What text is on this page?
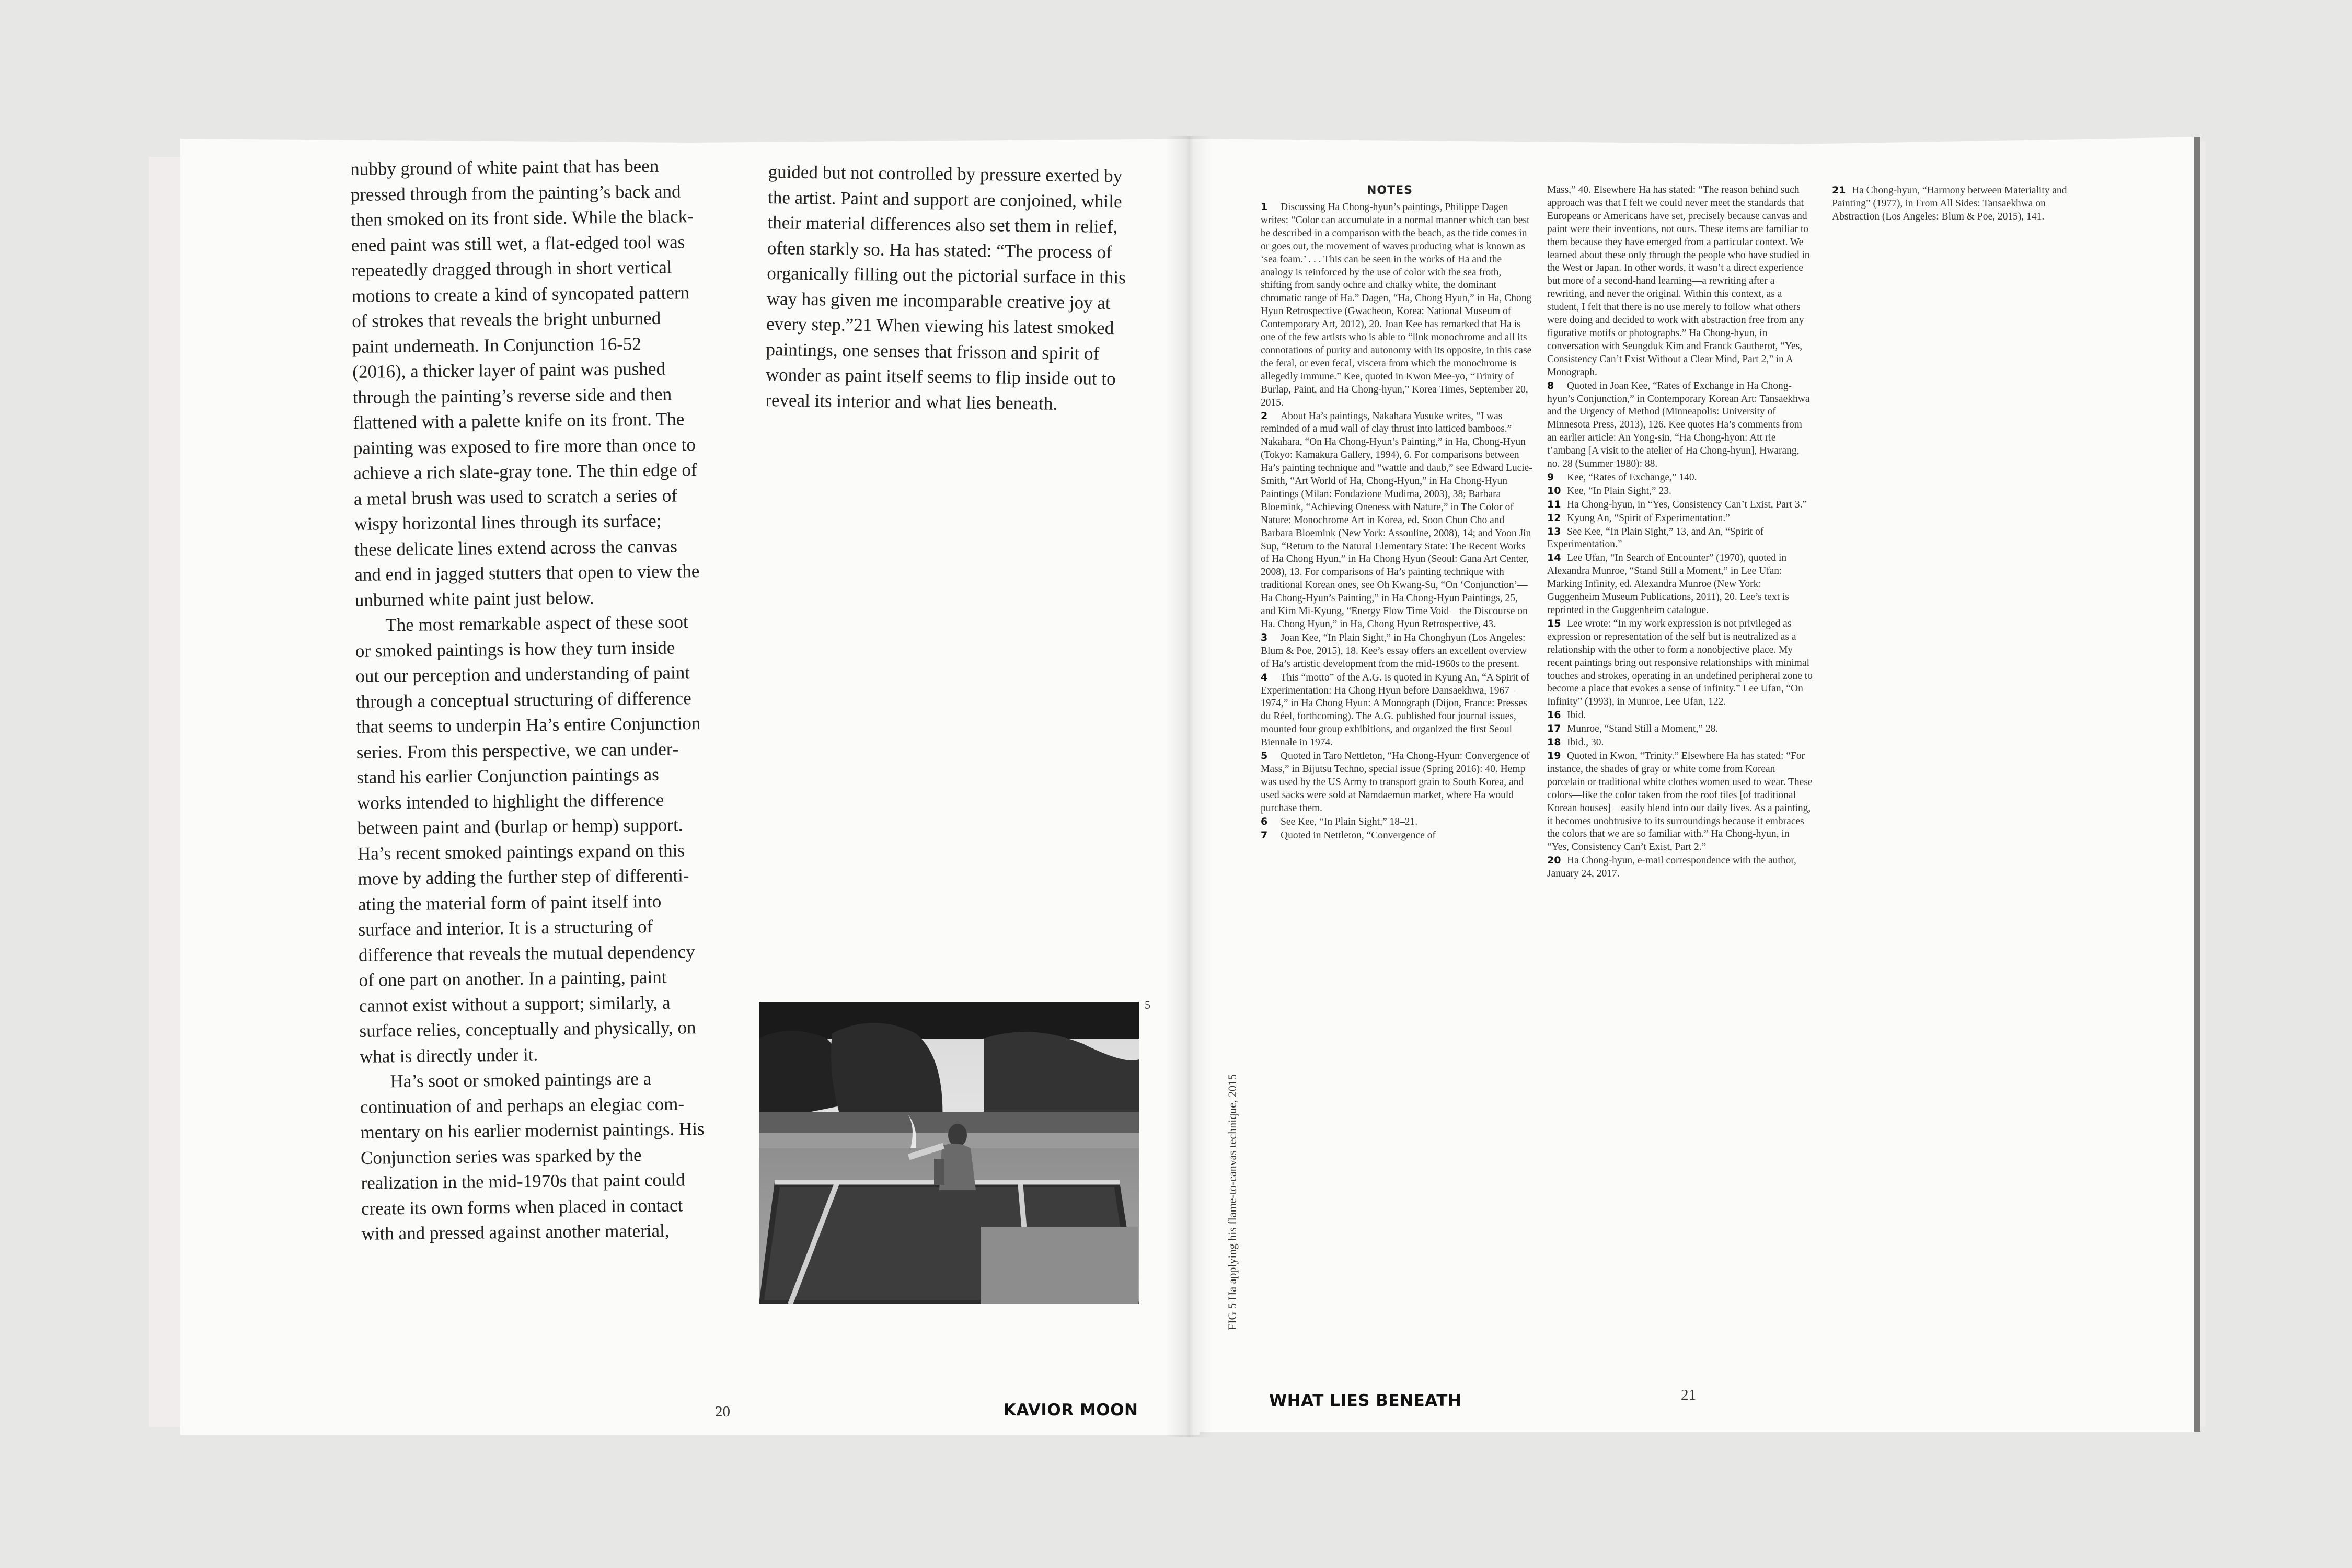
nubby ground of white paint that has been pressed through from the painting’s back and then smoked on its front side. While the blackened paint was still wet, a flat-edged tool was repeatedly dragged through in short vertical motions to create a kind of syncopated pattern of strokes that reveals the bright unburned paint underneath. In Conjunction 16-52 (2016), a thicker layer of paint was pushed through the painting’s reverse side and then flattened with a palette knife on its front. The painting was exposed to fire more than once to achieve a rich slate-gray tone. The thin edge of a metal brush was used to scratch a series of wispy horizontal lines through its surface; these delicate lines extend across the canvas and end in jagged stutters that open to view the unburned white paint just below.

The most remarkable aspect of these soot or smoked paintings is how they turn inside out our perception and understanding of paint through a conceptual structuring of difference that seems to underpin Ha’s entire Conjunction series. From this perspective, we can understand his earlier Conjunction paintings as works intended to highlight the difference between paint and (burlap or hemp) support. Ha’s recent smoked paintings expand on this move by adding the further step of differentiating the material form of paint itself into surface and interior. It is a structuring of difference that reveals the mutual dependency of one part on another. In a painting, paint cannot exist without a support; similarly, a surface relies, conceptually and physically, on what is directly under it.

Ha’s soot or smoked paintings are a continuation of and perhaps an elegiac commentary on his earlier modernist paintings. His Conjunction series was sparked by the realization in the mid-1970s that paint could create its own forms when placed in contact with and pressed against another material,

guided but not controlled by pressure exerted by the artist. Paint and support are conjoined, while their material differences also set them in relief, often starkly so. Ha has stated: “The process of organically filling out the pictorial surface in this way has given me incomparable creative joy at every step.”21 When viewing his latest smoked paintings, one senses that frisson and spirit of wonder as paint itself seems to flip inside out to reveal its interior and what lies beneath.

5
20	KAVIOR MOON
FIG 5 Ha applying his flame-to-canvas technique, 2015
NOTES

1 Discussing Ha Chong-hyun’s paintings, Philippe Dagen writes: “Color can accumulate in a normal manner which can best be described in a comparison with the beach, as the tide comes in or goes out, the movement of waves producing what is known as ‘sea foam.’ . . . This can be seen in the works of Ha and the analogy is reinforced by the use of color with the sea froth, shifting from sandy ochre and chalky white, the dominant chromatic range of Ha.” Dagen, “Ha, Chong Hyun,” in Ha, Chong Hyun Retrospective (Gwacheon, Korea: National Museum of Contemporary Art, 2012), 20. Joan Kee has remarked that Ha is one of the few artists who is able to “link monochrome and all its connotations of purity and autonomy with its opposite, in this case the feral, or even fecal, viscera from which the monochrome is allegedly immune.” Kee, quoted in Kwon Mee-yo, “Trinity of Burlap, Paint, and Ha Chong-hyun,” Korea Times, September 20, 2015.

2 About Ha’s paintings, Nakahara Yusuke writes, “I was reminded of a mud wall of clay thrust into latticed bamboos.” Nakahara, “On Ha Chong-Hyun’s Painting,” in Ha, Chong-Hyun (Tokyo: Kamakura Gallery, 1994), 6. For comparisons between Ha’s painting technique and “wattle and daub,” see Edward Lucie-Smith, “Art World of Ha, Chong-Hyun,” in Ha Chong-Hyun Paintings (Milan: Fondazione Mudima, 2003), 38; Barbara Bloemink, “Achieving Oneness with Nature,” in The Color of Nature: Monochrome Art in Korea, ed. Soon Chun Cho and Barbara Bloemink (New York: Assouline, 2008), 14; and Yoon Jin Sup, “Return to the Natural Elementary State: The Recent Works of Ha Chong Hyun,” in Ha Chong Hyun (Seoul: Gana Art Center, 2008), 13. For comparisons of Ha’s painting technique with traditional Korean ones, see Oh Kwang-Su, “On ‘Conjunction’—Ha Chong-Hyun’s Painting,” in Ha Chong-Hyun Paintings, 25, and Kim Mi-Kyung, “Energy Flow Time Void—the Discourse on Ha. Chong Hyun,” in Ha, Chong Hyun Retrospective, 43.

3 Joan Kee, “In Plain Sight,” in Ha Chonghyun (Los Angeles: Blum & Poe, 2015), 18. Kee’s essay offers an excellent overview of Ha’s artistic development from the mid-1960s to the present.

4 This “motto” of the A.G. is quoted in Kyung An, “A Spirit of Experimentation: Ha Chong Hyun before Dansaekhwa, 1967–1974,” in Ha Chong Hyun: A Monograph (Dijon, France: Presses du Réel, forthcoming). The A.G. published four journal issues, mounted four group exhibitions, and organized the first Seoul Biennale in 1974.

5 Quoted in Taro Nettleton, “Ha Chong-Hyun: Convergence of Mass,” in Bijutsu Techno, special issue (Spring 2016): 40. Hemp was used by the US Army to transport grain to South Korea, and used sacks were sold at Namdaemun market, where Ha would purchase them.

6 See Kee, “In Plain Sight,” 18–21.

7 Quoted in Nettleton, “Convergence of

Mass,” 40. Elsewhere Ha has stated: “The reason behind such approach was that I felt we could never meet the standards that Europeans or Americans have set, precisely because canvas and paint were their inventions, not ours. These items are familiar to them because they have emerged from a particular context. We learned about these only through the people who have studied in the West or Japan. In other words, it wasn’t a direct experience but more of a second-hand learning—a rewriting after a rewriting, and never the original. Within this context, as a student, I felt that there is no use merely to follow what others were doing and decided to work with abstraction free from any figurative motifs or photographs.” Ha Chong-hyun, in conversation with Seungduk Kim and Franck Gautherot, “Yes, Consistency Can’t Exist Without a Clear Mind, Part 2,” in A Monograph.

8 Quoted in Joan Kee, “Rates of Exchange in Ha Chong-hyun’s Conjunction,” in Contemporary Korean Art: Tansaekhwa and the Urgency of Method (Minneapolis: University of Minnesota Press, 2013), 126. Kee quotes Ha’s comments from an earlier article: An Yong-sin, “Ha Chong-hyon: Att rie t’ambang [A visit to the atelier of Ha Chong-hyun], Hwarang, no. 28 (Summer 1980): 88.

9 Kee, “Rates of Exchange,” 140.

10 Kee, “In Plain Sight,” 23.

11 Ha Chong-hyun, in “Yes, Consistency Can’t Exist, Part 3.”

12 Kyung An, “Spirit of Experimentation.”

13 See Kee, “In Plain Sight,” 13, and An, “Spirit of Experimentation.”

14 Lee Ufan, “In Search of Encounter” (1970), quoted in Alexandra Munroe, “Stand Still a Moment,” in Lee Ufan: Marking Infinity, ed. Alexandra Munroe (New York: Guggenheim Museum Publications, 2011), 20. Lee’s text is reprinted in the Guggenheim catalogue.

15 Lee wrote: “In my work expression is not privileged as expression or representation of the self but is neutralized as a relationship with the other to form a nonobjective place. My recent paintings bring out responsive relationships with minimal touches and strokes, operating in an undefined peripheral zone to become a place that evokes a sense of infinity.” Lee Ufan, “On Infinity” (1993), in Munroe, Lee Ufan, 122.

16 Ibid.

17 Munroe, “Stand Still a Moment,” 28.

18 Ibid., 30.

19 Quoted in Kwon, “Trinity.” Elsewhere Ha has stated: “For instance, the shades of gray or white come from Korean porcelain or traditional white clothes women used to wear. These colors—like the color taken from the roof tiles [of traditional Korean houses]—easily blend into our daily lives. As a painting, it becomes unobtrusive to its surroundings because it embraces the colors that we are so familiar with.” Ha Chong-hyun, in “Yes, Consistency Can’t Exist, Part 2.”

20 Ha Chong-hyun, e-mail correspondence with the author, January 24, 2017.

21 Ha Chong-hyun, “Harmony between Materiality and Painting” (1977), in From All Sides: Tansaekhwa on Abstraction (Los Angeles: Blum & Poe, 2015), 141.

WHAT LIES BENEATH	21
